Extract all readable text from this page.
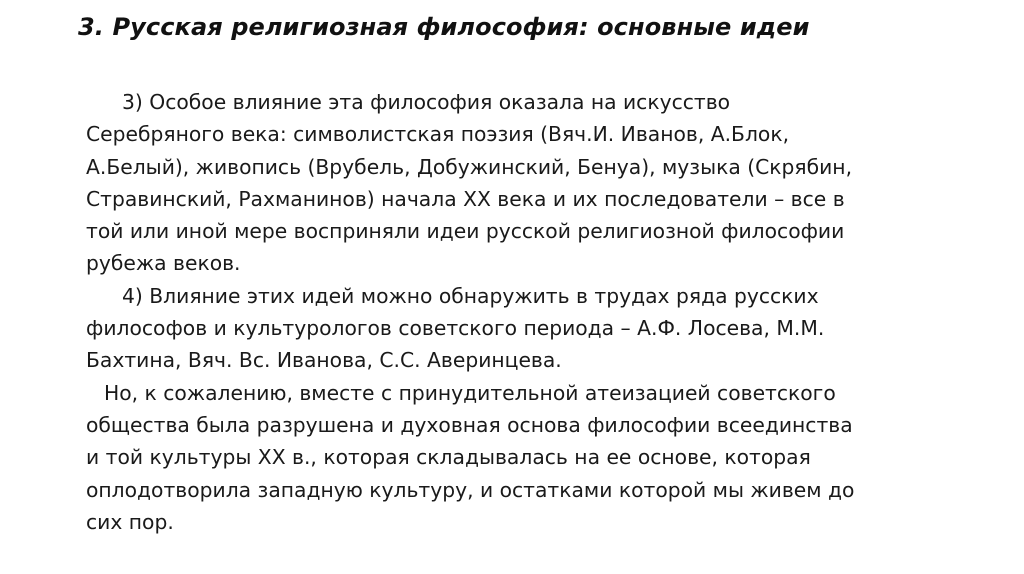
3. Русская религиозная философия: основные идеи
3) Особое влияние эта философия оказала на искусство
Серебряного века: символистская поэзия (Вяч.И. Иванов, А.Блок,
А.Белый), живопись (Врубель, Добужинский, Бенуа), музыка (Скрябин,
Стравинский, Рахманинов) начала ХХ века и их последователи – все в
той или иной мере восприняли идеи русской религиозной философии
рубежа веков.
4) Влияние этих идей можно обнаружить в трудах ряда русских
философов и культурологов советского периода – А.Ф. Лосева, М.М.
Бахтина, Вяч. Вс. Иванова, С.С. Аверинцева.
Но, к сожалению, вместе с принудительной атеизацией советского
общества была разрушена и духовная основа философии всеединства
и той культуры ХХ в., которая складывалась на ее основе, которая
оплодотворила западную культуру, и остатками которой мы живем до
сих пор.
